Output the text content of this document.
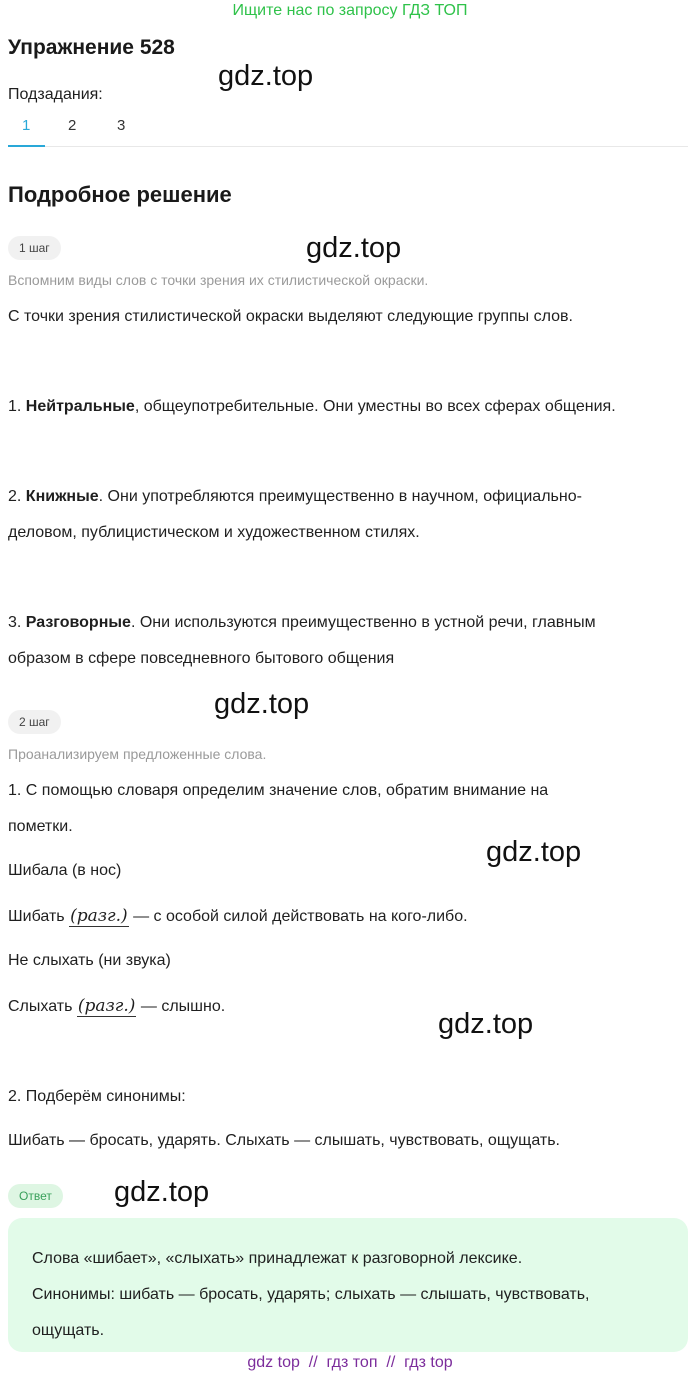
Ищите нас по запросу ГДЗ ТОП
Упражнение 528
gdz.top
Подзадания:
1	2	3
Подробное решение
1 шаг	gdz.top
Вспомним виды слов с точки зрения их стилистической окраски.
С точки зрения стилистической окраски выделяют следующие группы слов.
1. Нейтральные, общеупотребительные. Они уместны во всех сферах общения.
2. Книжные. Они употребляются преимущественно в научном, официально-
деловом, публицистическом и художественном стилях.
3. Разговорные. Они используются преимущественно в устной речи, главным
образом в сфере повседневного бытового общения
2 шаг
gdz.top
Проанализируем предложенные слова.
1. С помощью словаря определим значение слов, обратим внимание на
пометки.
gdz.top
Шибала (в нос)
Шибать (разг.) — с особой силой действовать на кого-либо.
Не слыхать (ни звука)
Слыхать (разг.) — слышно.
gdz.top
2. Подберём синонимы:
Шибать — бросать, ударять. Слыхать — слышать, чувствовать, ощущать.
Ответ	gdz.top
Слова «шибает», «слыхать» принадлежат к разговорной лексике.
Синонимы: шибать — бросать, ударять; слыхать — слышать, чувствовать,
ощущать.
gdz top  //  гдз топ  //  гдз top
